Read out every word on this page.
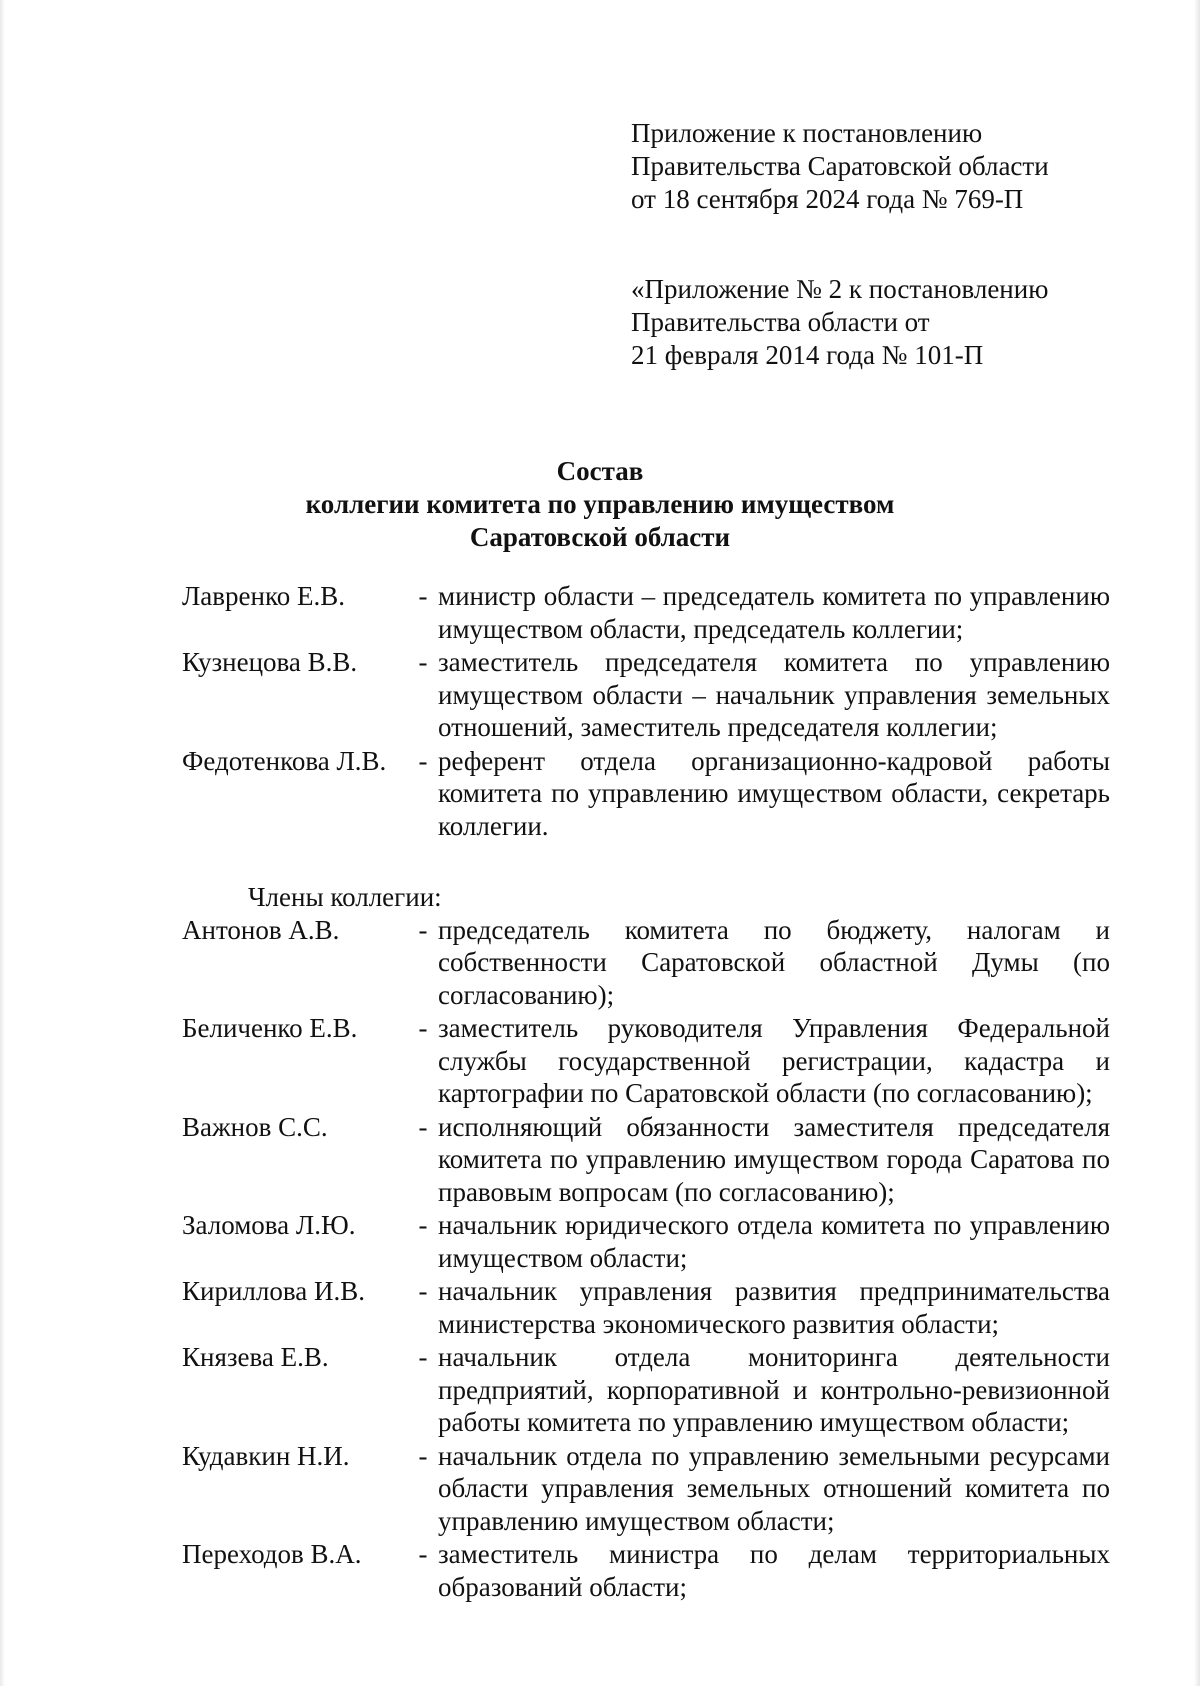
Приложение к постановлению
Правительства Саратовской области
от 18 сентября 2024 года № 769-П
«Приложение № 2 к постановлению
Правительства области от
21 февраля 2014 года № 101-П
Состав
коллегии комитета по управлению имуществом
Саратовской области
Лавренко Е.В.	- министр области – председатель комитета по управлению имуществом области, председатель коллегии;
Кузнецова В.В.	- заместитель председателя комитета по управлению имуществом области – начальник управления земельных отношений, заместитель председателя коллегии;
Федотенкова Л.В.	- референт отдела организационно-кадровой работы комитета по управлению имуществом области, секретарь коллегии.
Члены коллегии:
Антонов А.В.	- председатель комитета по бюджету, налогам и собственности Саратовской областной Думы (по согласованию);
Беличенко Е.В.	- заместитель руководителя Управления Федеральной службы государственной регистрации, кадастра и картографии по Саратовской области (по согласованию);
Важнов С.С.	- исполняющий обязанности заместителя председателя комитета по управлению имуществом города Саратова по правовым вопросам (по согласованию);
Заломова Л.Ю.	- начальник юридического отдела комитета по управлению имуществом области;
Кириллова И.В.	- начальник управления развития предпринимательства министерства экономического развития области;
Князева Е.В.	- начальник отдела мониторинга деятельности предприятий, корпоративной и контрольно-ревизионной работы комитета по управлению имуществом области;
Кудавкин Н.И.	- начальник отдела по управлению земельными ресурсами области управления земельных отношений комитета по управлению имуществом области;
Переходов В.А.	- заместитель министра по делам территориальных образований области;
